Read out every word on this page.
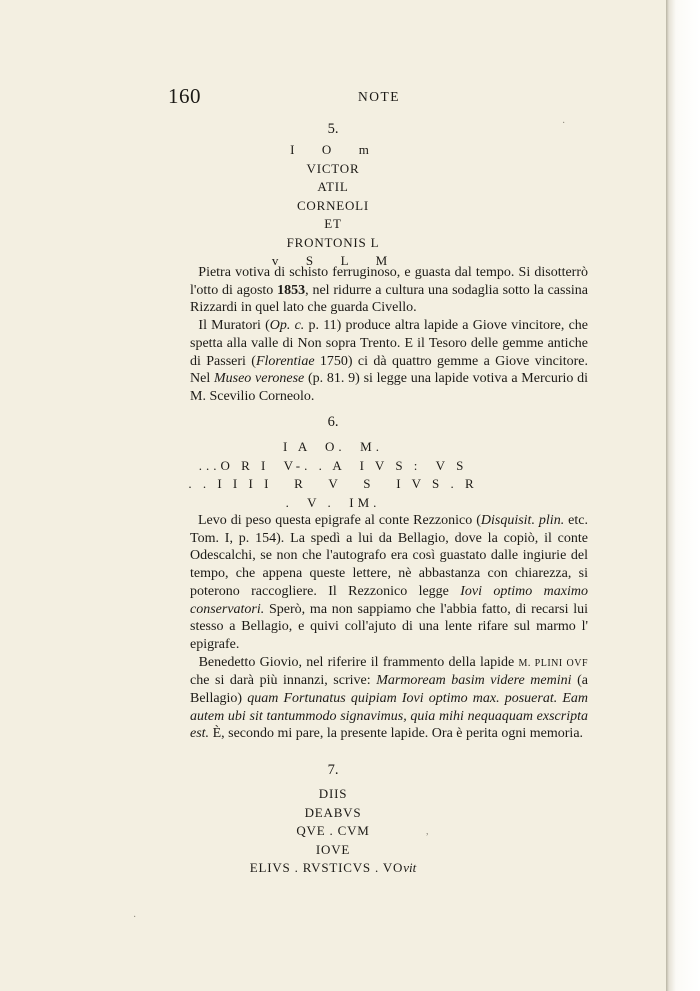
160	NOTE
·
5.
I  O  m
VICTOR
ATIL
CORNEOLI
ET
FRONTONIS L
v  S  L  M

Pietra votiva di schisto ferruginoso, e guasta dal tempo. Si disotterrò l'otto di agosto 1853, nel ridurre a cultura una sodaglia sotto la cassina Rizzardi in quel lato che guarda Civello.

Il Muratori (Op. c. p. 11) produce altra lapide a Giove vincitore, che spetta alla valle di Non sopra Trento. E il Tesoro delle gemme antiche di Passeri (Florentiae 1750) ci dà quattro gemme a Giove vincitore. Nel Museo veronese (p. 81. 9) si legge una lapide votiva a Mercurio di M. Scevilio Corneolo.

6.
I A  O.  M.
...O R I  V-. . A  I V S :  V S
. . I I I I   R   V   S   I V S . R
.  V .  IM.

Levo di peso questa epigrafe al conte Rezzonico (Disquisit. plin. etc. Tom. I, p. 154). La spedì a lui da Bellagio, dove la copiò, il conte Odescalchi, se non che l'autografo era così guastato dalle ingiurie del tempo, che appena queste lettere, nè abbastanza con chiarezza, si poterono raccogliere. Il Rezzonico legge Iovi optimo maximo conservatori. Sperò, ma non sappiamo che l'abbia fatto, di recarsi lui stesso a Bellagio, e quivi coll'ajuto di una lente rifare sul marmo l' epigrafe.

Benedetto Giovio, nel riferire il frammento della lapide M. PLINI OVF che si darà più innanzi, scrive: Marmoream basim videre memini (a Bellagio) quam Fortunatus quipiam Iovi optimo max. posuerat. Eam autem ubi sit tantummodo signavimus, quia mihi nequaquam exscripta est. È, secondo mi pare, la presente lapide. Ora è perita ogni memoria.

7.
DIIS
DEABVS
QVE . CVM
IOVE
ELIVS . RVSTICVS . VOvit
,
·
